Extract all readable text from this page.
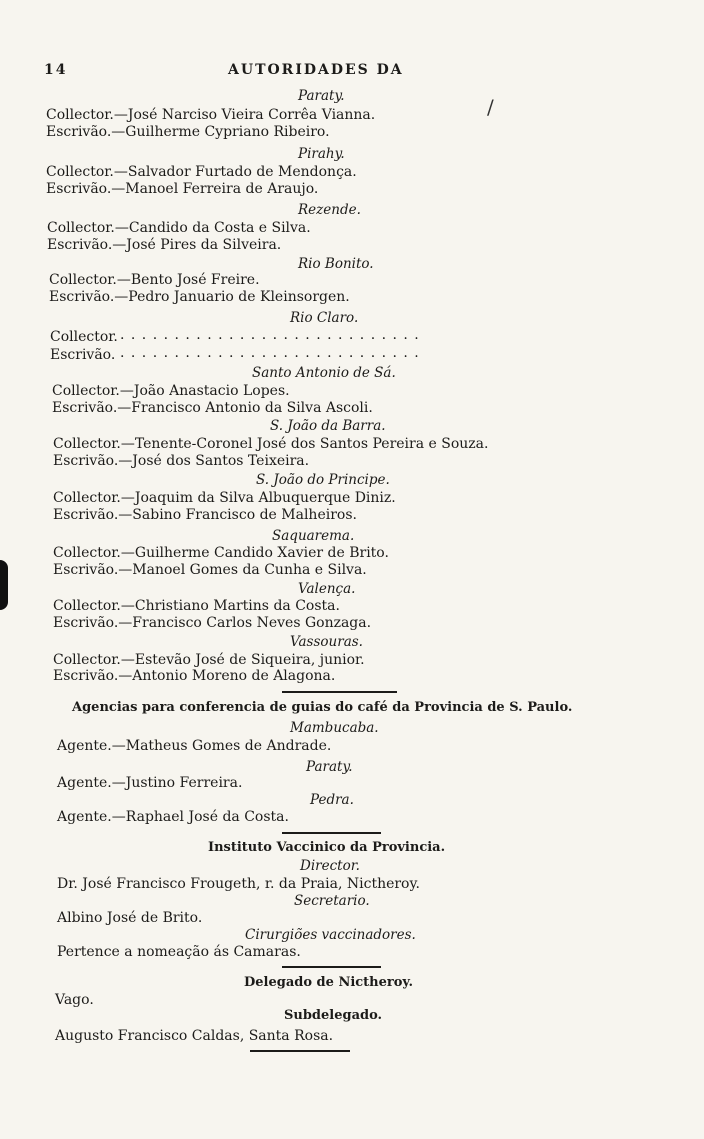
14	AUTORIDADES DA
/
Paraty.
Collector.—José Narciso Vieira Corrêa Vianna.
Escrivão.—Guilherme Cypriano Ribeiro.
Pirahy.
Collector.—Salvador Furtado de Mendonça.
Escrivão.—Manoel Ferreira de Araujo.
Rezende.
Collector.—Candido da Costa e Silva.
Escrivão.—José Pires da Silveira.
Rio Bonito.
Collector.—Bento José Freire.
Escrivão.—Pedro Januario de Kleinsorgen.
Rio Claro.
Collector. . . . . . . . . . . . . . . . . . . . . . . . . . . . .
Escrivão. . . . . . . . . . . . . . . . . . . . . . . . . . . . .
Santo Antonio de Sá.
Collector.—João Anastacio Lopes.
Escrivão.—Francisco Antonio da Silva Ascoli.
S. João da Barra.
Collector.—Tenente-Coronel José dos Santos Pereira e Souza.
Escrivão.—José dos Santos Teixeira.
S. João do Principe.
Collector.—Joaquim da Silva Albuquerque Diniz.
Escrivão.—Sabino Francisco de Malheiros.
Saquarema.
Collector.—Guilherme Candido Xavier de Brito.
Escrivão.—Manoel Gomes da Cunha e Silva.
Valença.
Collector.—Christiano Martins da Costa.
Escrivão.—Francisco Carlos Neves Gonzaga.
Vassouras.
Collector.—Estevão José de Siqueira, junior.
Escrivão.—Antonio Moreno de Alagona.
Agencias para conferencia de guias do café da Provincia de S. Paulo.
Mambucaba.
Agente.—Matheus Gomes de Andrade.
Paraty.
Agente.—Justino Ferreira.
Pedra.
Agente.—Raphael José da Costa.
Instituto Vaccinico da Provincia.
Director.
Dr. José Francisco Frougeth, r. da Praia, Nictheroy.
Secretario.
Albino José de Brito.
Cirurgiões vaccinadores.
Pertence a nomeação ás Camaras.
Delegado de Nictheroy.
Vago.
Subdelegado.
Augusto Francisco Caldas, Santa Rosa.
